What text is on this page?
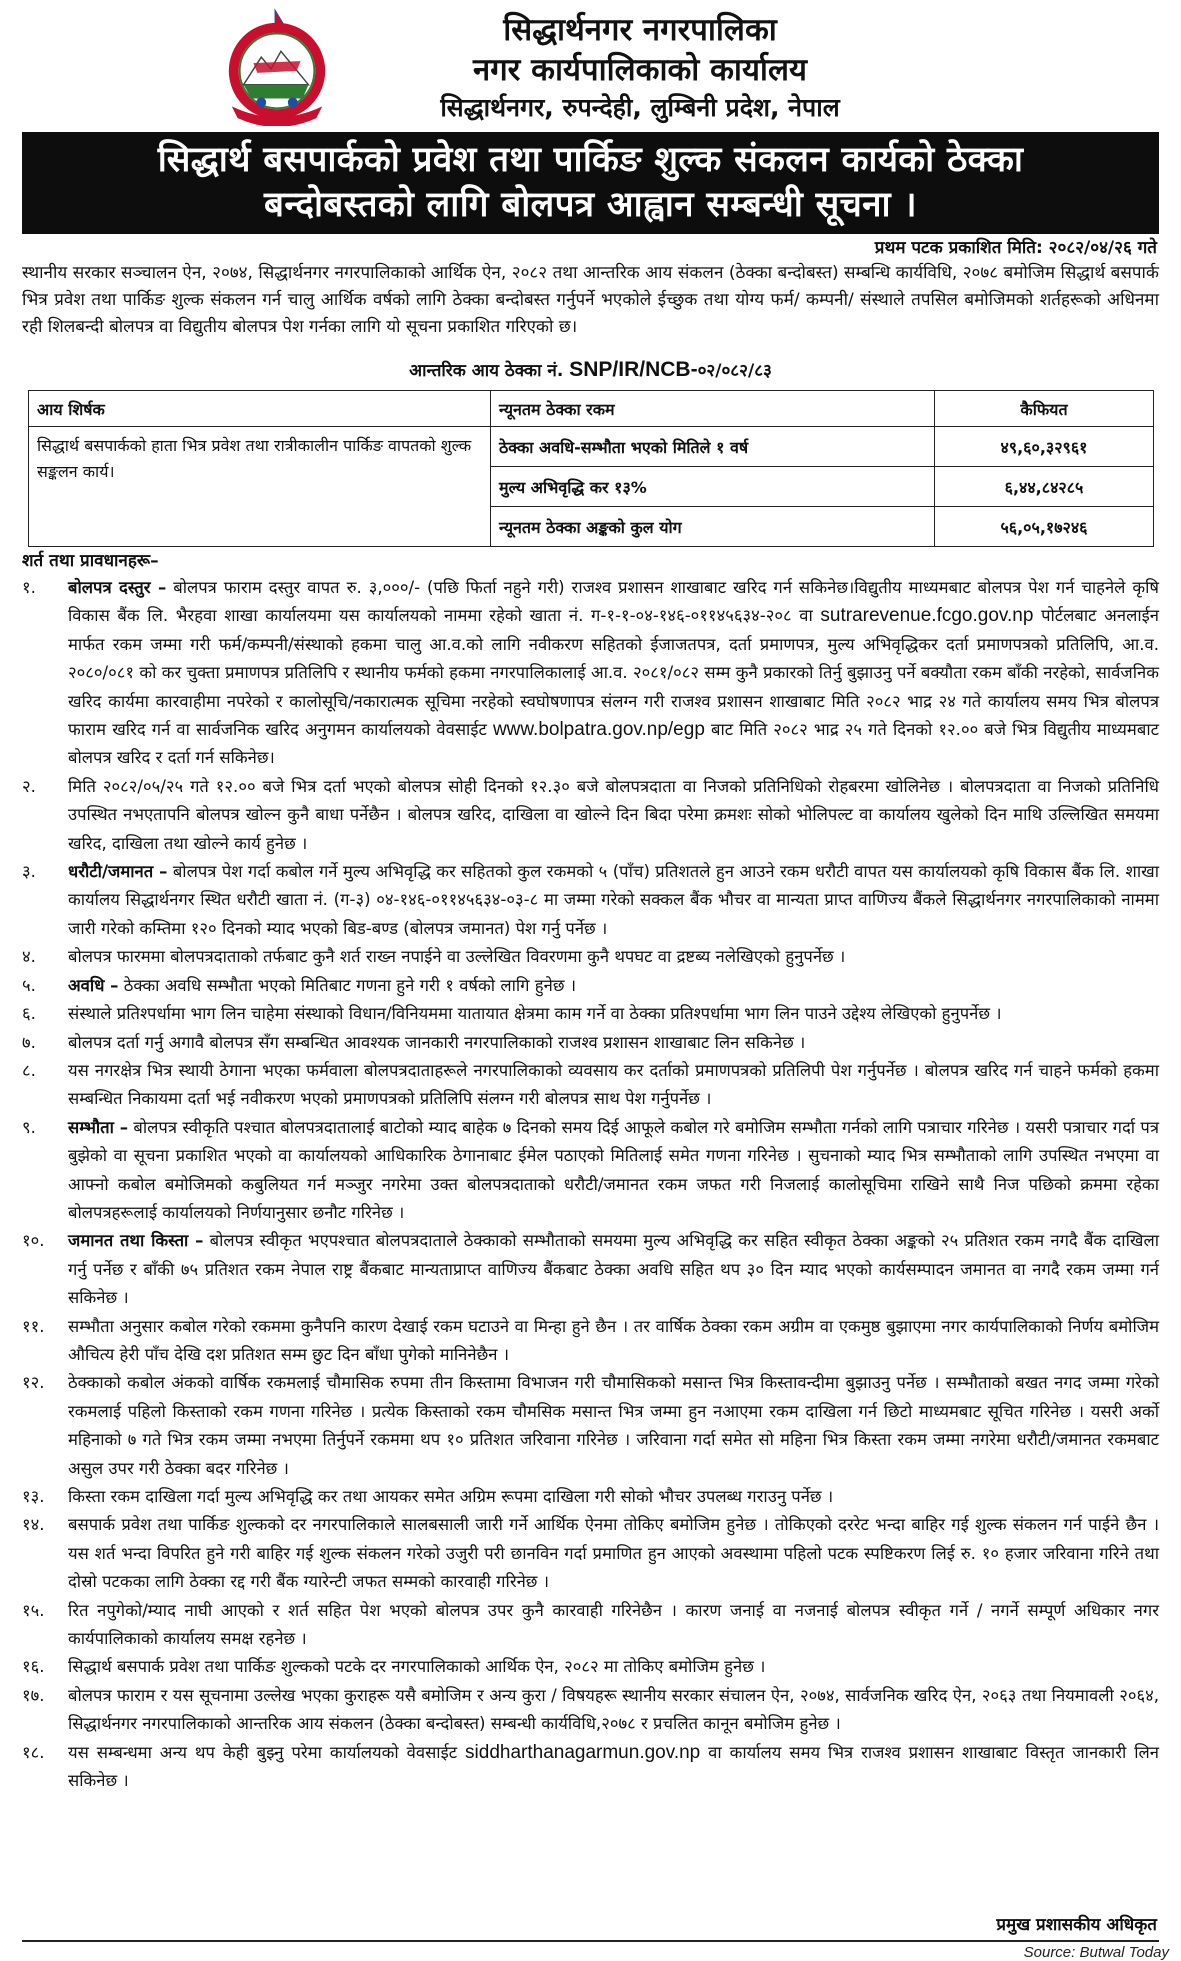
सिद्धार्थनगर नगरपालिका
नगर कार्यपालिकाको कार्यालय
सिद्धार्थनगर, रुपन्देही, लुम्बिनी प्रदेश, नेपाल
सिद्धार्थ बसपार्कको प्रवेश तथा पार्किङ शुल्क संकलन कार्यको ठेक्का
बन्दोबस्तको लागि बोलपत्र आह्वान सम्बन्धी सूचना ।
प्रथम पटक प्रकाशित मिति: २०८२/०४/२६ गते

स्थानीय सरकार सञ्चालन ऐन, २०७४, सिद्धार्थनगर नगरपालिकाको आर्थिक ऐन, २०८२ तथा आन्तरिक आय संकलन (ठेक्का बन्दोबस्त) सम्बन्धि कार्यविधि, २०७८ बमोजिम सिद्धार्थ बसपार्क भित्र प्रवेश तथा पार्किङ शुल्क संकलन गर्न चालु आर्थिक वर्षको लागि ठेक्का बन्दोबस्त गर्नुपर्ने भएकोले ईच्छुक तथा योग्य फर्म/ कम्पनी/ संस्थाले तपसिल बमोजिमको शर्तहरूको अधिनमा रही शिलबन्दी बोलपत्र वा विद्युतीय बोलपत्र पेश गर्नका लागि यो सूचना प्रकाशित गरिएको छ।

आन्तरिक आय ठेक्का नं. SNP/IR/NCB-०२/०८२/८३
आय शिर्षक	न्यूनतम ठेक्का रकम	कैफियत
सिद्धार्थ बसपार्कको हाता भित्र प्रवेश तथा रात्रीकालीन पार्किङ वापतको शुल्क सङ्कलन कार्य।	ठेक्का अवधि-सम्भौता भएको मितिले १ वर्ष	४९,६०,३२९६१
	मुल्य अभिवृद्धि कर १३%	६,४४,८४२८५
	न्यूनतम ठेक्का अङ्कको कुल योग	५६,०५,१७२४६
शर्त तथा प्रावधानहरू–
१.	बोलपत्र दस्तुर – बोलपत्र फाराम दस्तुर वापत रु. ३,०००/- (पछि फिर्ता नहुने गरी) राजश्व प्रशासन शाखाबाट खरिद गर्न सकिनेछ।विद्युतीय माध्यमबाट बोलपत्र पेश गर्न चाहनेले कृषि विकास बैंक लि. भैरहवा शाखा कार्यालयमा यस कार्यालयको नाममा रहेको खाता नं. ग-१-१-०४-१४६-०११४५६३४-२०८ वा sutrarevenue.fcgo.gov.np पोर्टलबाट अनलाईन मार्फत रकम जम्मा गरी फर्म/कम्पनी/संस्थाको हकमा चालु आ.व.को लागि नवीकरण सहितको ईजाजतपत्र, दर्ता प्रमाणपत्र, मुल्य अभिवृद्धिकर दर्ता प्रमाणपत्रको प्रतिलिपि, आ.व. २०८०/०८१ को कर चुक्ता प्रमाणपत्र प्रतिलिपि र स्थानीय फर्मको हकमा नगरपालिकालाई आ.व. २०८१/०८२ सम्म कुनै प्रकारको तिर्नु बुझाउनु पर्ने बक्यौता रकम बाँकी नरहेको, सार्वजनिक खरिद कार्यमा कारवाहीमा नपरेको र कालोसूचि/नकारात्मक सूचिमा नरहेको स्वघोषणापत्र संलग्न गरी राजश्व प्रशासन शाखाबाट मिति २०८२ भाद्र २४ गते कार्यालय समय भित्र बोलपत्र फाराम खरिद गर्न वा सार्वजनिक खरिद अनुगमन कार्यालयको वेवसाईट www.bolpatra.gov.np/egp बाट मिति २०८२ भाद्र २५ गते दिनको १२.०० बजे भित्र विद्युतीय माध्यमबाट बोलपत्र खरिद र दर्ता गर्न सकिनेछ।

२.	मिति २०८२/०५/२५ गते १२.०० बजे भित्र दर्ता भएको बोलपत्र सोही दिनको १२.३० बजे बोलपत्रदाता वा निजको प्रतिनिधिको रोहबरमा खोलिनेछ । बोलपत्रदाता वा निजको प्रतिनिधि उपस्थित नभएतापनि बोलपत्र खोल्न कुनै बाधा पर्नेछैन । बोलपत्र खरिद, दाखिला वा खोल्ने दिन बिदा परेमा क्रमशः सोको भोलिपल्ट वा कार्यालय खुलेको दिन माथि उल्लिखित समयमा खरिद, दाखिला तथा खोल्ने कार्य हुनेछ ।

३.	धरौटी/जमानत – बोलपत्र पेश गर्दा कबोल गर्ने मुल्य अभिवृद्धि कर सहितको कुल रकमको ५ (पाँच) प्रतिशतले हुन आउने रकम धरौटी वापत यस कार्यालयको कृषि विकास बैंक लि. शाखा कार्यालय सिद्धार्थनगर स्थित धरौटी खाता नं. (ग-३) ०४-१४६-०११४५६३४-०३-८ मा जम्मा गरेको सक्कल बैंक भौचर वा मान्यता प्राप्त वाणिज्य बैंकले सिद्धार्थनगर नगरपालिकाको नाममा जारी गरेको कम्तिमा १२० दिनको म्याद भएको बिड-बण्ड (बोलपत्र जमानत) पेश गर्नु पर्नेछ ।

४.	बोलपत्र फारममा बोलपत्रदाताको तर्फबाट कुनै शर्त राख्न नपाईने वा उल्लेखित विवरणमा कुनै थपघट वा द्रष्टब्य नलेखिएको हुनुपर्नेछ ।

५.	अवधि – ठेक्का अवधि सम्भौता भएको मितिबाट गणना हुने गरी १ वर्षको लागि हुनेछ ।

६.	संस्थाले प्रतिश्पर्धामा भाग लिन चाहेमा संस्थाको विधान/विनियममा यातायात क्षेत्रमा काम गर्ने वा ठेक्का प्रतिश्पर्धामा भाग लिन पाउने उद्देश्य लेखिएको हुनुपर्नेछ ।

७.	बोलपत्र दर्ता गर्नु अगावै बोलपत्र सँग सम्बन्धित आवश्यक जानकारी नगरपालिकाको राजश्व प्रशासन शाखाबाट लिन सकिनेछ ।

८.	यस नगरक्षेत्र भित्र स्थायी ठेगाना भएका फर्मवाला बोलपत्रदाताहरूले नगरपालिकाको व्यवसाय कर दर्ताको प्रमाणपत्रको प्रतिलिपी पेश गर्नुपर्नेछ । बोलपत्र खरिद गर्न चाहने फर्मको हकमा सम्बन्धित निकायमा दर्ता भई नवीकरण भएको प्रमाणपत्रको प्रतिलिपि संलग्न गरी बोलपत्र साथ पेश गर्नुपर्नेछ ।

९.	सम्भौता – बोलपत्र स्वीकृति पश्चात बोलपत्रदातालाई बाटोको म्याद बाहेक ७ दिनको समय दिई आफूले कबोल गरे बमोजिम सम्भौता गर्नको लागि पत्राचार गरिनेछ । यसरी पत्राचार गर्दा पत्र बुझेको वा सूचना प्रकाशित भएको वा कार्यालयको आधिकारिक ठेगानाबाट ईमेल पठाएको मितिलाई समेत गणना गरिनेछ । सुचनाको म्याद भित्र सम्भौताको लागि उपस्थित नभएमा वा आफ्नो कबोल बमोजिमको कबुलियत गर्न मञ्जुर नगरेमा उक्त बोलपत्रदाताको धरौटी/जमानत रकम जफत गरी निजलाई कालोसूचिमा राखिने साथै निज पछिको क्रममा रहेका बोलपत्रहरूलाई कार्यालयको निर्णयानुसार छनौट गरिनेछ ।

१०.	जमानत तथा किस्ता – बोलपत्र स्वीकृत भएपश्चात बोलपत्रदाताले ठेक्काको सम्भौताको समयमा मुल्य अभिवृद्धि कर सहित स्वीकृत ठेक्का अङ्कको २५ प्रतिशत रकम नगदै बैंक दाखिला गर्नु पर्नेछ र बाँकी ७५ प्रतिशत रकम नेपाल राष्ट्र बैंकबाट मान्यताप्राप्त वाणिज्य बैंकबाट ठेक्का अवधि सहित थप ३० दिन म्याद भएको कार्यसम्पादन जमानत वा नगदै रकम जम्मा गर्न सकिनेछ ।

११.	सम्भौता अनुसार कबोल गरेको रकममा कुनैपनि कारण देखाई रकम घटाउने वा मिन्हा हुने छैन । तर वार्षिक ठेक्का रकम अग्रीम वा एकमुष्ठ बुझाएमा नगर कार्यपालिकाको निर्णय बमोजिम औचित्य हेरी पाँच देखि दश प्रतिशत सम्म छुट दिन बाँधा पुगेको मानिनेछैन ।

१२.	ठेक्काको कबोल अंकको वार्षिक रकमलाई चौमासिक रुपमा तीन किस्तामा विभाजन गरी चौमासिकको मसान्त भित्र किस्तावन्दीमा बुझाउनु पर्नेछ । सम्भौताको बखत नगद जम्मा गरेको रकमलाई पहिलो किस्ताको रकम गणना गरिनेछ । प्रत्येक किस्ताको रकम चौमसिक मसान्त भित्र जम्मा हुन नआएमा रकम दाखिला गर्न छिटो माध्यमबाट सूचित गरिनेछ । यसरी अर्को महिनाको ७ गते भित्र रकम जम्मा नभएमा तिर्नुपर्ने रकममा थप १० प्रतिशत जरिवाना गरिनेछ । जरिवाना गर्दा समेत सो महिना भित्र किस्ता रकम जम्मा नगरेमा धरौटी/जमानत रकमबाट असुल उपर गरी ठेक्का बदर गरिनेछ ।

१३.	किस्ता रकम दाखिला गर्दा मुल्य अभिवृद्धि कर तथा आयकर समेत अग्रिम रूपमा दाखिला गरी सोको भौचर उपलब्ध गराउनु पर्नेछ ।

१४.	बसपार्क प्रवेश तथा पार्किङ शुल्कको दर नगरपालिकाले सालबसाली जारी गर्ने आर्थिक ऐनमा तोकिए बमोजिम हुनेछ । तोकिएको दररेट भन्दा बाहिर गई शुल्क संकलन गर्न पाईने छैन । यस शर्त भन्दा विपरित हुने गरी बाहिर गई शुल्क संकलन गरेको उजुरी परी छानविन गर्दा प्रमाणित हुन आएको अवस्थामा पहिलो पटक स्पष्टिकरण लिई रु. १० हजार जरिवाना गरिने तथा दोस्रो पटकका लागि ठेक्का रद्द गरी बैंक ग्यारेन्टी जफत सम्मको कारवाही गरिनेछ ।

१५.	रित नपुगेको/म्याद नाघी आएको र शर्त सहित पेश भएको बोलपत्र उपर कुनै कारवाही गरिनेछैन । कारण जनाई वा नजनाई बोलपत्र स्वीकृत गर्ने / नगर्ने सम्पूर्ण अधिकार नगर कार्यपालिकाको कार्यालय समक्ष रहनेछ ।

१६.	सिद्धार्थ बसपार्क प्रवेश तथा पार्किङ शुल्कको पटके दर नगरपालिकाको आर्थिक ऐन, २०८२ मा तोकिए बमोजिम हुनेछ ।

१७.	बोलपत्र फाराम र यस सूचनामा उल्लेख भएका कुराहरू यसै बमोजिम र अन्य कुरा / विषयहरू स्थानीय सरकार संचालन ऐन, २०७४, सार्वजनिक खरिद ऐन, २०६३ तथा नियमावली २०६४, सिद्धार्थनगर नगरपालिकाको आन्तरिक आय संकलन (ठेक्का बन्दोबस्त) सम्बन्धी कार्यविधि,२०७८ र प्रचलित कानून बमोजिम हुनेछ ।

१८.	यस सम्बन्धमा अन्य थप केही बुझ्नु परेमा कार्यालयको वेवसाईट siddharthanagarmun.gov.np वा कार्यालय समय भित्र राजश्व प्रशासन शाखाबाट विस्तृत जानकारी लिन सकिनेछ ।

प्रमुख प्रशासकीय अधिकृत
Source: Butwal Today
